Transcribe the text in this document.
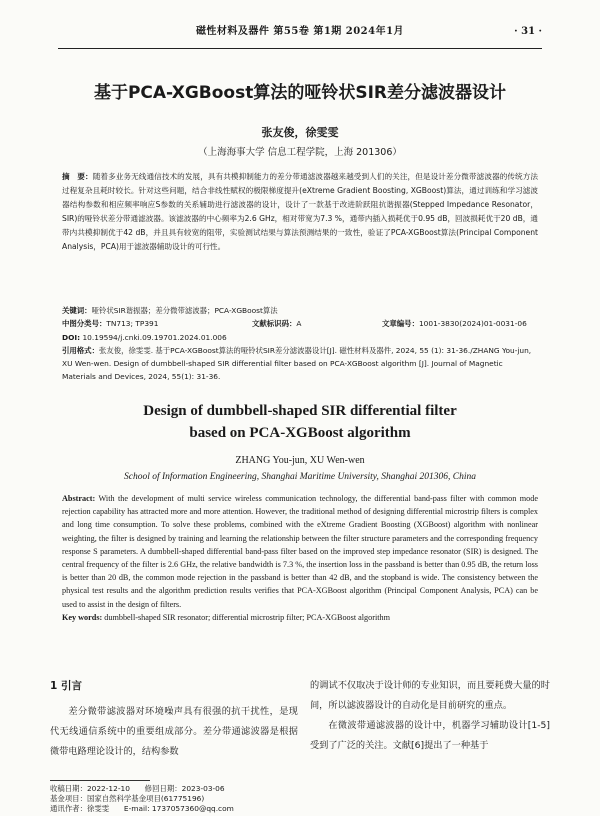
磁性材料及器件 第55卷 第1期 2024年1月	· 31 ·
基于PCA-XGBoost算法的哑铃状SIR差分滤波器设计
张友俊，徐雯雯
（上海海事大学 信息工程学院，上海 201306）
摘　要：随着多业务无线通信技术的发展，具有共模抑制能力的差分带通滤波器越来越受到人们的关注，但是设计差分微带滤波器的传统方法过程复杂且耗时较长。针对这些问题，结合非线性赋权的极限梯度提升(eXtreme Gradient Boosting, XGBoost)算法，通过训练和学习滤波器结构参数和相应频率响应S参数的关系辅助进行滤波器的设计，设计了一款基于改进阶跃阻抗谐振器(Stepped Impedance Resonator，SIR)的哑铃状差分带通滤波器。该滤波器的中心频率为2.6 GHz，相对带宽为7.3 %，通带内插入损耗优于0.95 dB，回波损耗优于20 dB，通带内共模抑制优于42 dB，并且具有较宽的阻带，实验测试结果与算法预测结果的一致性，验证了PCA-XGBoost算法(Principal Component Analysis，PCA)用于滤波器辅助设计的可行性。
关键词：哑铃状SIR谐振器；差分微带滤波器；PCA-XGBoost算法
中图分类号：TN713; TP391	文献标识码：A	文章编号：1001-3830(2024)01-0031-06
DOI: 10.19594/j.cnki.09.19701.2024.01.006
引用格式：张友俊，徐雯雯. 基于PCA-XGBoost算法的哑铃状SIR差分滤波器设计[J]. 磁性材料及器件, 2024, 55 (1): 31-36./ZHANG You-jun, XU Wen-wen. Design of dumbbell-shaped SIR differential filter based on PCA-XGBoost algorithm [J]. Journal of Magnetic Materials and Devices, 2024, 55(1): 31-36.
Design of dumbbell-shaped SIR differential filter
based on PCA-XGBoost algorithm
ZHANG You-jun, XU Wen-wen
School of Information Engineering, Shanghai Maritime University, Shanghai 201306, China
Abstract: With the development of multi service wireless communication technology, the differential band-pass filter with common mode rejection capability has attracted more and more attention. However, the traditional method of designing differential microstrip filters is complex and long time consumption. To solve these problems, combined with the eXtreme Gradient Boosting (XGBoost) algorithm with nonlinear weighting, the filter is designed by training and learning the relationship between the filter structure parameters and the corresponding frequency response S parameters. A dumbbell-shaped differential band-pass filter based on the improved step impedance resonator (SIR) is designed. The central frequency of the filter is 2.6 GHz, the relative bandwidth is 7.3 %, the insertion loss in the passband is better than 0.95 dB, the return loss is better than 20 dB, the common mode rejection in the passband is better than 42 dB, and the stopband is wide. The consistency between the physical test results and the algorithm prediction results verifies that PCA-XGBoost algorithm (Principal Component Analysis, PCA) can be used to assist in the design of filters.
Key words: dumbbell-shaped SIR resonator; differential microstrip filter; PCA-XGBoost algorithm
1 引言
差分微带滤波器对环境噪声具有很强的抗干扰性，是现代无线通信系统中的重要组成部分。差分带通滤波器是根据微带电路理论设计的，结构参数
的调试不仅取决于设计师的专业知识，而且要耗费大量的时间，所以滤波器设计的自动化是目前研究的重点。
在微波带通滤波器的设计中，机器学习辅助设计[1-5]受到了广泛的关注。文献[6]提出了一种基于
收稿日期：2022-12-10　　修回日期：2023-03-06
基金项目：国家自然科学基金项目(61775196)
通讯作者：徐雯雯　　E-mail: 1737057360@qq.com
